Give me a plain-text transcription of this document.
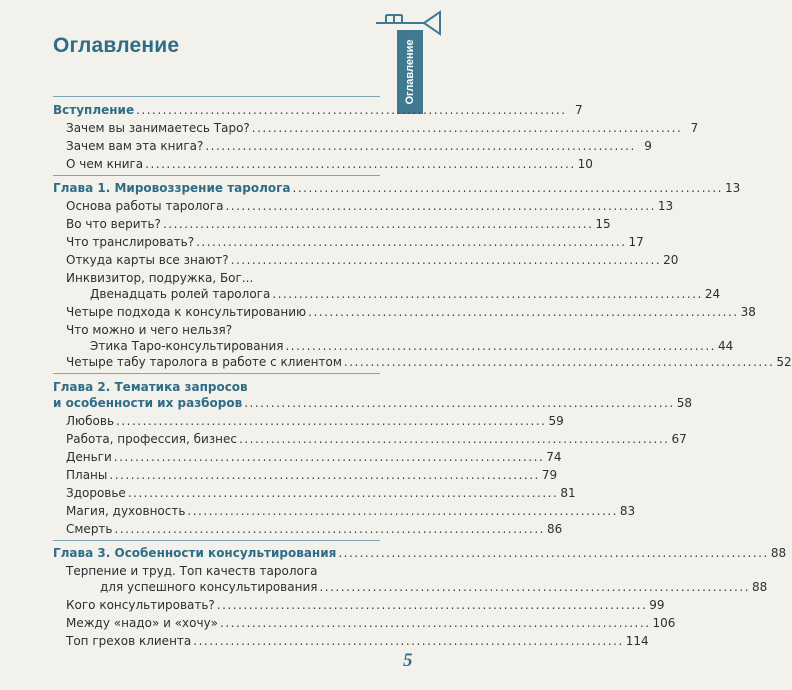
Оглавление
Оглавление
Вступление ................................................................................. 7
Зачем вы занимаетесь Таро? ................................................................................. 7
Зачем вам эта книга? ................................................................................. 9
О чем книга ................................................................................. 10
Глава 1. Мировоззрение таролога ................................................................................. 13
Основа работы таролога ................................................................................. 13
Во что верить? ................................................................................. 15
Что транслировать? ................................................................................. 17
Откуда карты все знают? ................................................................................. 20
Инквизитор, подружка, Бог...
Двенадцать ролей таролога ................................................................................. 24
Четыре подхода к консультированию ................................................................................. 38
Что можно и чего нельзя?
Этика Таро-консультирования ................................................................................. 44
Четыре табу таролога в работе с клиентом ................................................................................. 52
Глава 2. Тематика запросов
и особенности их разборов ................................................................................. 58
Любовь ................................................................................. 59
Работа, профессия, бизнес ................................................................................. 67
Деньги ................................................................................. 74
Планы ................................................................................. 79
Здоровье ................................................................................. 81
Магия, духовность ................................................................................. 83
Смерть ................................................................................. 86
Глава 3. Особенности консультирования ................................................................................. 88
Терпение и труд. Топ качеств таролога
для успешного консультирования ................................................................................. 88
Кого консультировать? ................................................................................. 99
Между «надо» и «хочу» ................................................................................. 106
Топ грехов клиента ................................................................................. 114
5
